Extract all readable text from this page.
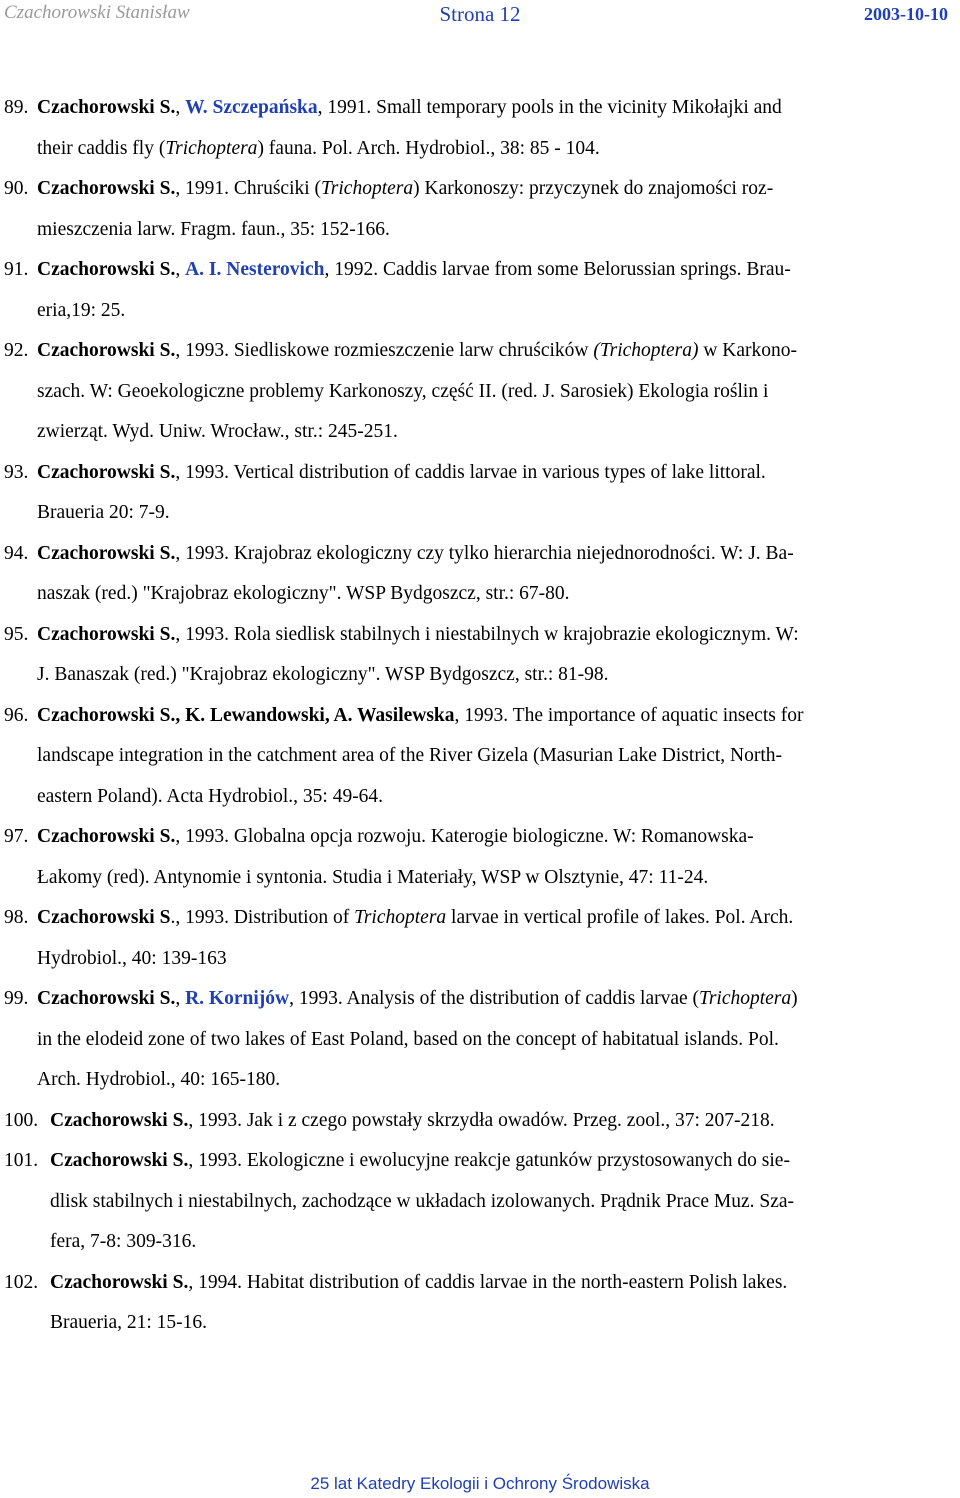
Czachorowski Stanisław	Strona 12	2003-10-10
89. Czachorowski S., W. Szczepańska, 1991. Small temporary pools in the vicinity Mikołajki and
their caddis fly (Trichoptera) fauna. Pol. Arch. Hydrobiol., 38: 85 - 104.
90. Czachorowski S., 1991. Chruściki (Trichoptera) Karkonoszy: przyczynek do znajomości roz-
mieszczenia larw. Fragm. faun., 35: 152-166.
91. Czachorowski S., A. I. Nesterovich, 1992. Caddis larvae from some Belorussian springs. Brau-
eria,19: 25.
92. Czachorowski S., 1993. Siedliskowe rozmieszczenie larw chruścików (Trichoptera) w Karkono-
szach. W: Geoekologiczne problemy Karkonoszy, część II. (red. J. Sarosiek) Ekologia roślin i
zwierząt. Wyd. Uniw. Wrocław., str.: 245-251.
93. Czachorowski S., 1993. Vertical distribution of caddis larvae in various types of lake littoral.
Braueria 20: 7-9.
94. Czachorowski S., 1993. Krajobraz ekologiczny czy tylko hierarchia niejednorodności. W: J. Ba-
naszak (red.) "Krajobraz ekologiczny". WSP Bydgoszcz, str.: 67-80.
95. Czachorowski S., 1993. Rola siedlisk stabilnych i niestabilnych w krajobrazie ekologicznym. W:
J. Banaszak (red.) "Krajobraz ekologiczny". WSP Bydgoszcz, str.: 81-98.
96. Czachorowski S., K. Lewandowski, A. Wasilewska, 1993. The importance of aquatic insects for
landscape integration in the catchment area of the River Gizela (Masurian Lake District, North-
eastern Poland). Acta Hydrobiol., 35: 49-64.
97. Czachorowski S., 1993. Globalna opcja rozwoju. Katerogie biologiczne. W: Romanowska-
Łakomy (red). Antynomie i syntonia. Studia i Materiały, WSP w Olsztynie, 47: 11-24.
98. Czachorowski S., 1993. Distribution of Trichoptera larvae in vertical profile of lakes. Pol. Arch.
Hydrobiol., 40: 139-163
99. Czachorowski S., R. Kornijów, 1993. Analysis of the distribution of caddis larvae (Trichoptera)
in the elodeid zone of two lakes of East Poland, based on the concept of habitatual islands. Pol.
Arch. Hydrobiol., 40: 165-180.
100. Czachorowski S., 1993. Jak i z czego powstały skrzydła owadów. Przeg. zool., 37: 207-218.
101. Czachorowski S., 1993. Ekologiczne i ewolucyjne reakcje gatunków przystosowanych do sie-
dlisk stabilnych i niestabilnych, zachodzące w układach izolowanych. Prądnik Prace Muz. Sza-
fera, 7-8: 309-316.
102. Czachorowski S., 1994. Habitat distribution of caddis larvae in the north-eastern Polish lakes.
Braueria, 21: 15-16.
25 lat Katedry Ekologii i Ochrony Środowiska
